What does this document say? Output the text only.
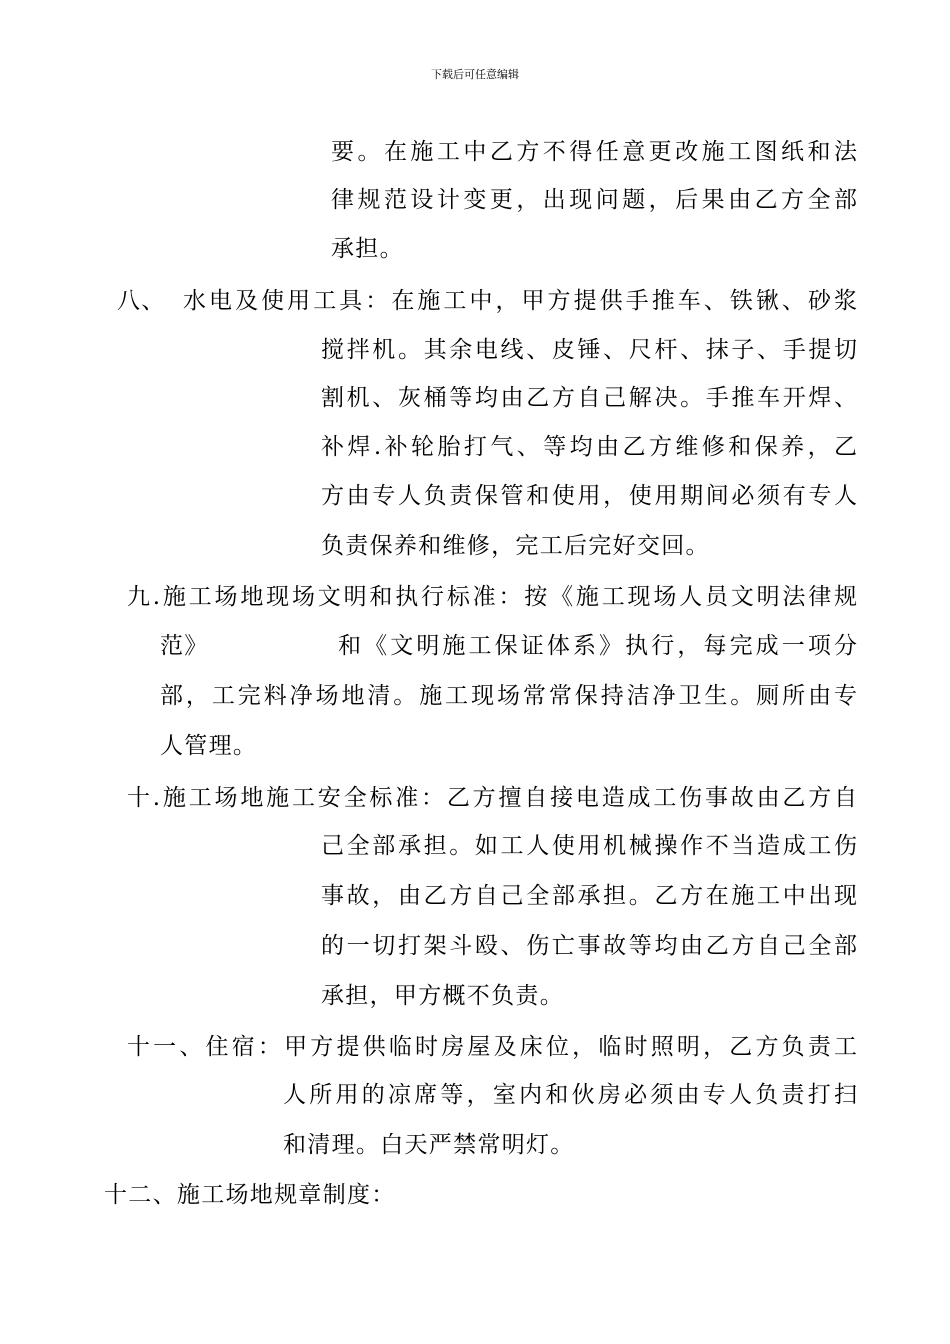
下载后可任意编辑
要。在施工中乙方不得任意更改施工图纸和法
律规范设计变更，出现问题，后果由乙方全部
承担。
八、 水电及使用工具：在施工中，甲方提供手推车、铁锹、砂浆
搅拌机。其余电线、皮锤、尺杆、抹子、手提切
割机、灰桶等均由乙方自己解决。手推车开焊、
补焊.补轮胎打气、等均由乙方维修和保养，乙
方由专人负责保管和使用，使用期间必须有专人
负责保养和维修，完工后完好交回。
九.施工场地现场文明和执行标准：按《施工现场人员文明法律规
范》	和《文明施工保证体系》执行，每完成一项分
部，工完料净场地清。施工现场常常保持洁净卫生。厕所由专
人管理。
十.施工场地施工安全标准：乙方擅自接电造成工伤事故由乙方自
己全部承担。如工人使用机械操作不当造成工伤
事故，由乙方自己全部承担。乙方在施工中出现
的一切打架斗殴、伤亡事故等均由乙方自己全部
承担，甲方概不负责。
十一、住宿：甲方提供临时房屋及床位，临时照明，乙方负责工
人所用的凉席等，室内和伙房必须由专人负责打扫
和清理。白天严禁常明灯。
十二、施工场地规章制度：
